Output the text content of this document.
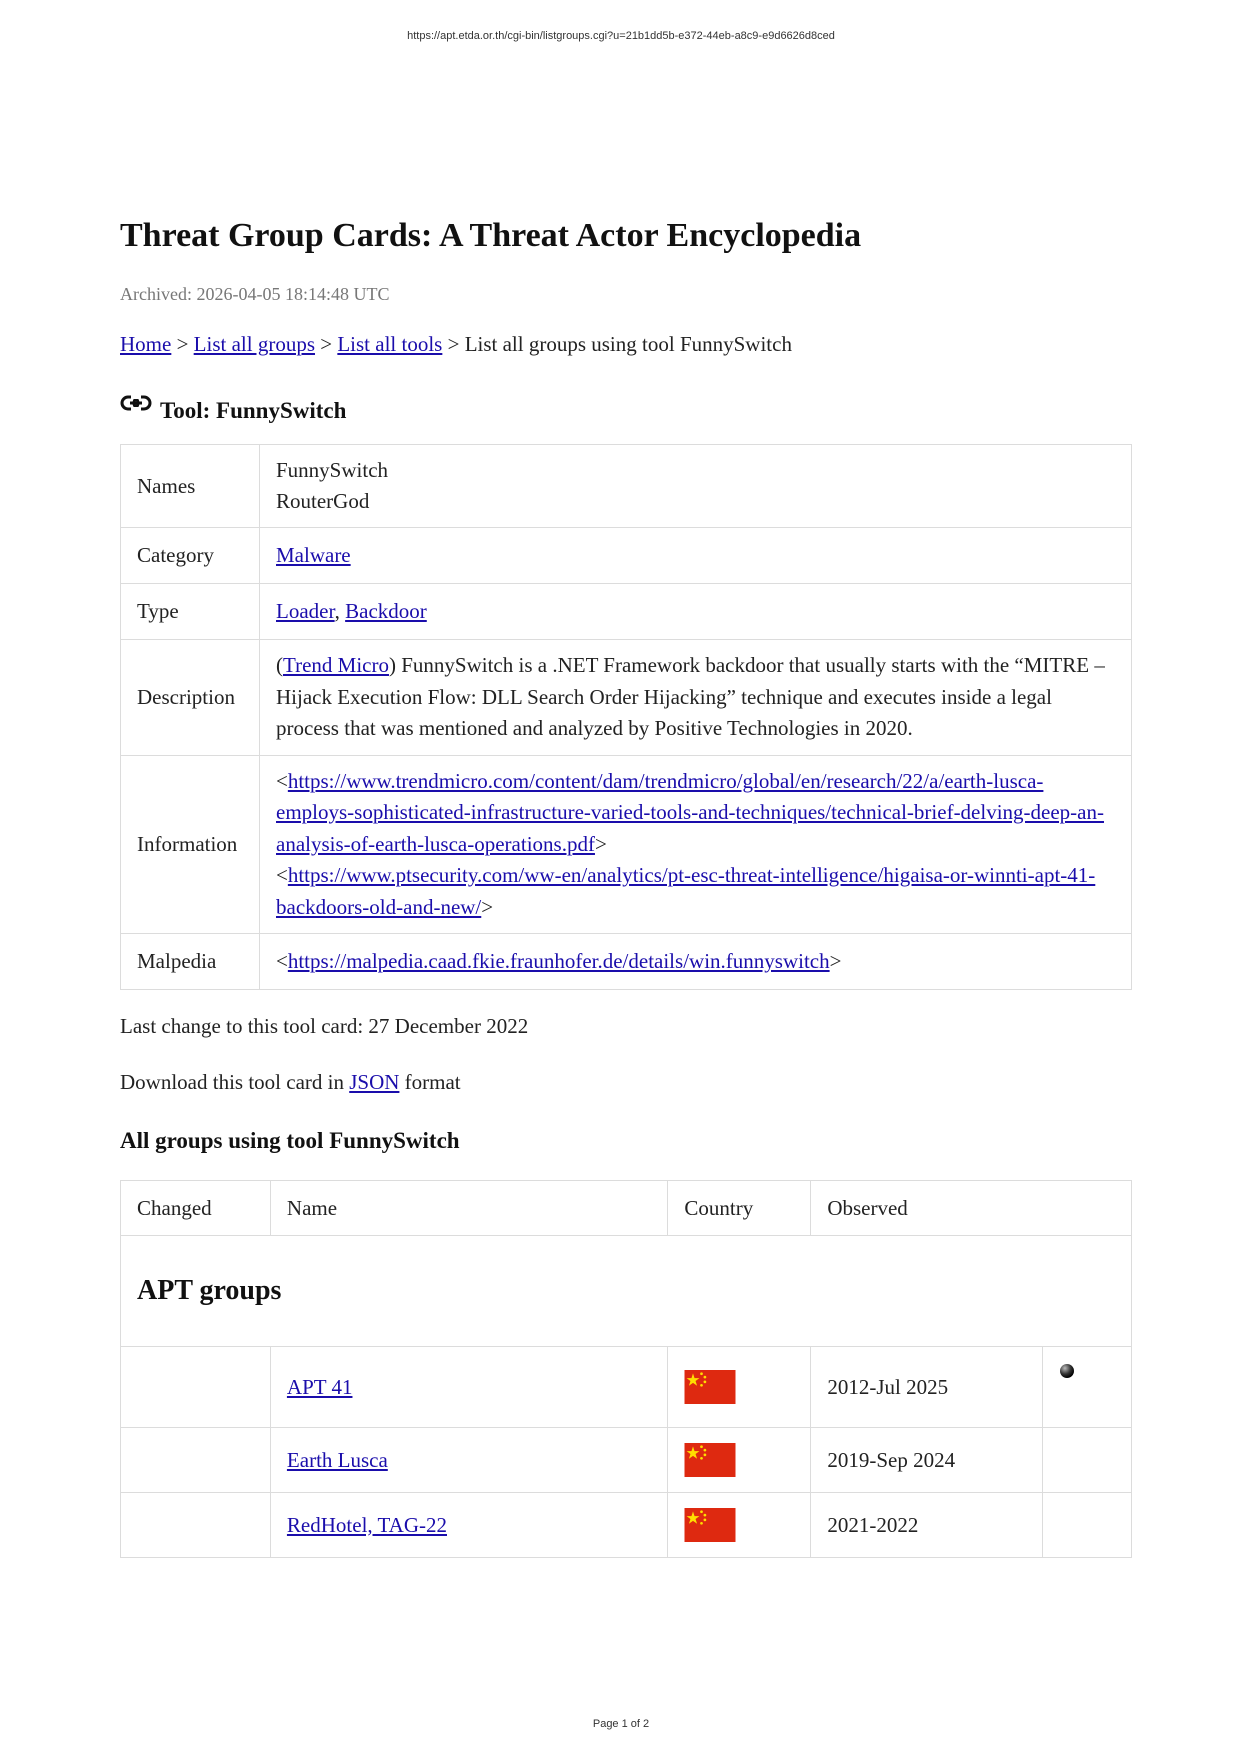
https://apt.etda.or.th/cgi-bin/listgroups.cgi?u=21b1dd5b-e372-44eb-a8c9-e9d6626d8ced
Threat Group Cards: A Threat Actor Encyclopedia
Archived: 2026-04-05 18:14:48 UTC
Home > List all groups > List all tools > List all groups using tool FunnySwitch
Tool: FunnySwitch
Names	FunnySwitch
RouterGod

Category	Malware
Type	Loader, Backdoor
Description	(Trend Micro) FunnySwitch is a .NET Framework backdoor that usually starts with the “MITRE – Hijack Execution Flow: DLL Search Order Hijacking” technique and executes inside a legal process that was mentioned and analyzed by Positive Technologies in 2020.
Information	<https://www.trendmicro.com/content/dam/trendmicro/global/en/research/22/a/earth-lusca-employs-sophisticated-infrastructure-varied-tools-and-techniques/technical-brief-delving-deep-an-analysis-of-earth-lusca-operations.pdf>
<https://www.ptsecurity.com/ww-en/analytics/pt-esc-threat-intelligence/higaisa-or-winnti-apt-41-backdoors-old-and-new/>

Malpedia	<https://malpedia.caad.fkie.fraunhofer.de/details/win.funnyswitch>
Last change to this tool card: 27 December 2022
Download this tool card in JSON format
All groups using tool FunnySwitch
Changed	Name	Country	Observed	
APT groups				
	APT 41		2012-Jul 2025	

	Earth Lusca		2019-Sep 2024	
	RedHotel, TAG-22		2021-2022	
Page 1 of 2
